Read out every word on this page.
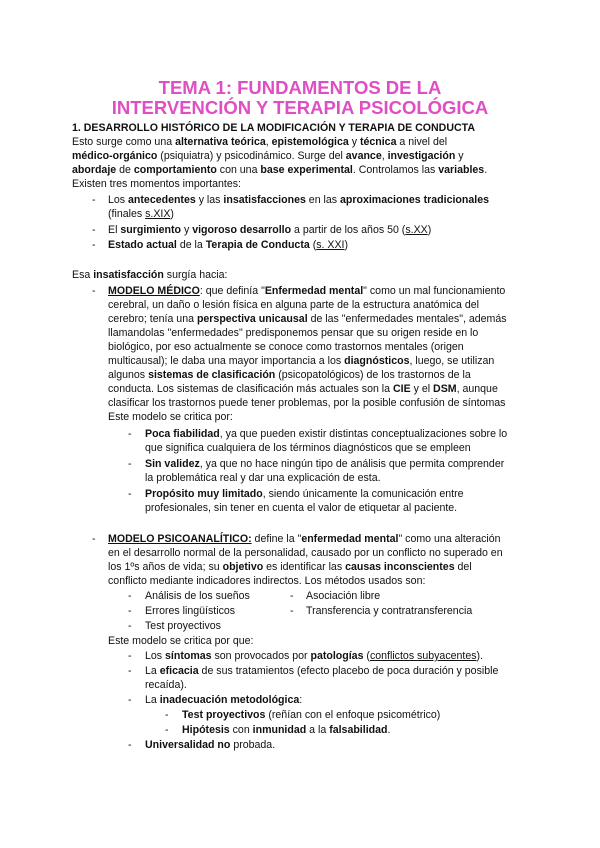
TEMA 1: FUNDAMENTOS DE LA
INTERVENCIÓN Y TERAPIA PSICOLÓGICA
1. DESARROLLO HISTÓRICO DE LA MODIFICACIÓN Y TERAPIA DE CONDUCTA
Esto surge como una alternativa teórica, epistemológica y técnica a nivel del
médico-orgánico (psiquiatra) y psicodinámico. Surge del avance, investigación y
abordaje de comportamiento con una base experimental. Controlamos las variables.
Existen tres momentos importantes:
- Los antecedentes y las insatisfacciones en las aproximaciones tradicionales
(finales s.XIX)
- El surgimiento y vigoroso desarrollo a partir de los años 50 (s.XX)
- Estado actual de la Terapia de Conducta (s. XXI)
Esa insatisfacción surgía hacia:
- MODELO MÉDICO: que definía "Enfermedad mental" como un mal funcionamiento
cerebral, un daño o lesión física en alguna parte de la estructura anatómica del
cerebro; tenía una perspectiva unicausal de las "enfermedades mentales", además
llamandolas "enfermedades" predisponemos pensar que su origen reside en lo
biológico, por eso actualmente se conoce como trastornos mentales (origen
multicausal); le daba una mayor importancia a los diagnósticos, luego, se utilizan
algunos sistemas de clasificación (psicopatológicos) de los trastornos de la
conducta. Los sistemas de clasificación más actuales son la CIE y el DSM, aunque
clasificar los trastornos puede tener problemas, por la posible confusión de síntomas
Este modelo se critica por:
- Poca fiabilidad, ya que pueden existir distintas conceptualizaciones sobre lo
que significa cualquiera de los términos diagnósticos que se empleen
- Sin validez, ya que no hace ningún tipo de análisis que permita comprender
la problemática real y dar una explicación de esta.
- Propósito muy limitado, siendo únicamente la comunicación entre
profesionales, sin tener en cuenta el valor de etiquetar al paciente.
- MODELO PSICOANALÍTICO: define la "enfermedad mental" como una alteración
en el desarrollo normal de la personalidad, causado por un conflicto no superado en
los 1ºs años de vida; su objetivo es identificar las causas inconscientes del
conflicto mediante indicadores indirectos. Los métodos usados son:
- Análisis de los sueños	- Asociación libre
- Errores lingüísticos	- Transferencia y contratransferencia
- Test proyectivos
Este modelo se critica por que:
- Los síntomas son provocados por patologías (conflictos subyacentes).
- La eficacia de sus tratamientos (efecto placebo de poca duración y posible
recaída).
- La inadecuación metodológica:
- Test proyectivos (reñían con el enfoque psicométrico)
- Hipótesis con inmunidad a la falsabilidad.
- Universalidad no probada.
